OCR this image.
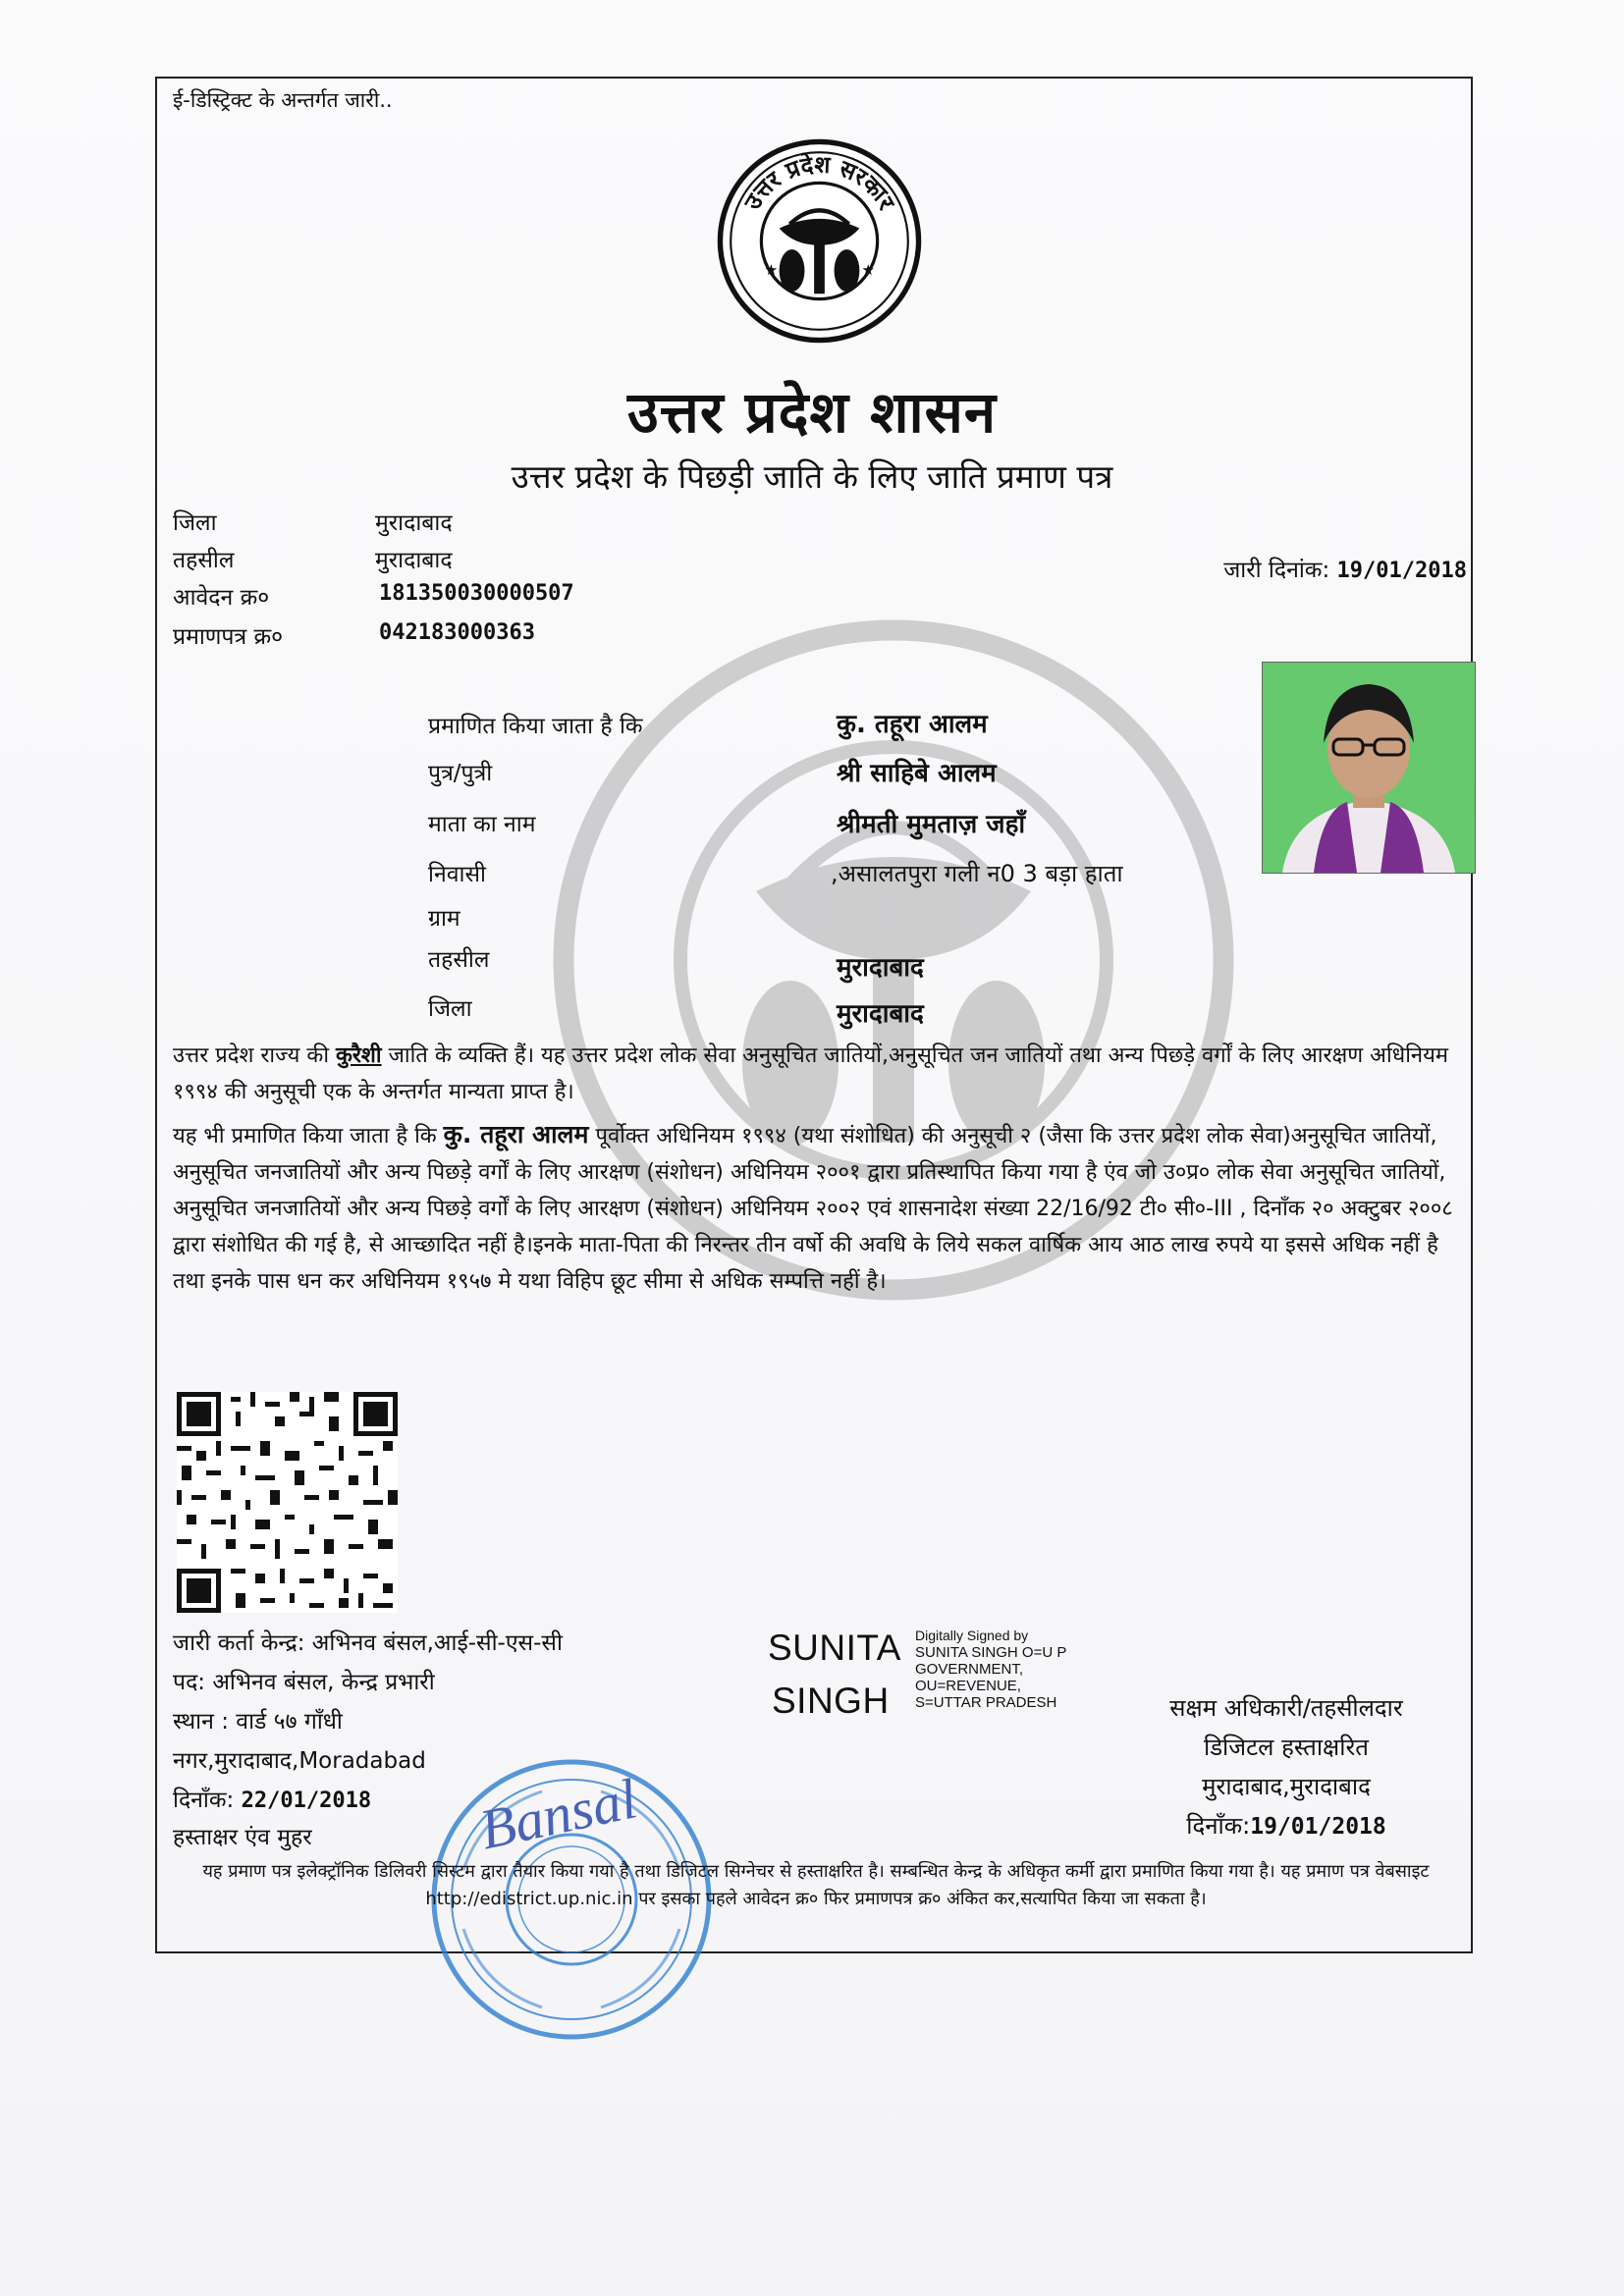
ई-डिस्ट्रिक्ट के अन्तर्गत जारी..
उत्तर प्रदेश सरकार
★	★
उत्तर प्रदेश शासन
उत्तर प्रदेश के पिछड़ी जाति के लिए जाति प्रमाण पत्र
जिला	मुरादाबाद
तहसील	मुरादाबाद
आवेदन क्र०	181350030000507
प्रमाणपत्र क्र०	042183000363
जारी दिनांक: 19/01/2018
प्रमाणित किया जाता है कि	कु. तहूरा आलम
पुत्र/पुत्री	श्री साहिबे आलम
माता का नाम	श्रीमती मुमताज़ जहाँ
निवासी	,असालतपुरा गली न0 3 बड़ा हाता
ग्राम
तहसील	मुरादाबाद
जिला	मुरादाबाद

उत्तर प्रदेश राज्य की कुरैशी जाति के व्यक्ति हैं। यह उत्तर प्रदेश लोक सेवा अनुसूचित जातियों,अनुसूचित जन जातियों तथा अन्य पिछड़े वर्गों के लिए आरक्षण अधिनियम १९९४ की अनुसूची एक के अन्तर्गत मान्यता प्राप्त है।

यह भी प्रमाणित किया जाता है कि कु. तहूरा आलम पूर्वोक्त अधिनियम १९९४ (यथा संशोधित) की अनुसूची २ (जैसा कि उत्तर प्रदेश लोक सेवा)अनुसूचित जातियों, अनुसूचित जनजातियों और अन्य पिछड़े वर्गों के लिए आरक्षण (संशोधन) अधिनियम २००१ द्वारा प्रतिस्थापित किया गया है एंव जो उ०प्र० लोक सेवा अनुसूचित जातियों, अनुसूचित जनजातियों और अन्य पिछड़े वर्गों के लिए आरक्षण (संशोधन) अधिनियम २००२ एवं शासनादेश संख्या 22/16/92 टी० सी०-III , दिनाँक २० अक्टुबर २००८ द्वारा संशोधित की गई है, से आच्छादित नहीं है।इनके माता-पिता की निरन्तर तीन वर्षो की अवधि के लिये सकल वार्षिक आय आठ लाख रुपये या इससे अधिक नहीं है तथा इनके पास धन कर अधिनियम १९५७ मे यथा विहिप छूट सीमा से अधिक सम्पत्ति नहीं है।

जारी कर्ता केन्द्र: अभिनव बंसल,आई-सी-एस-सी
पद: अभिनव बंसल, केन्द्र प्रभारी
स्थान : वार्ड ५७ गाँधी
नगर,मुरादाबाद,Moradabad
दिनाँक: 22/01/2018
हस्ताक्षर एंव मुहर
SUNITA
SINGH
Digitally Signed by
SUNITA SINGH O=U P
GOVERNMENT,
OU=REVENUE,
S=UTTAR PRADESH	सक्षम अधिकारी/तहसीलदार
डिजिटल हस्ताक्षरित
मुरादाबाद,मुरादाबाद
दिनाँक:19/01/2018
Bansal
यह प्रमाण पत्र इलेक्ट्रॉनिक डिलिवरी सिस्टम द्वारा तैयार किया गया है तथा डिजिटल सिग्नेचर से हस्ताक्षरित है। सम्बन्धित केन्द्र के अधिकृत कर्मी द्वारा प्रमाणित किया गया है। यह प्रमाण पत्र वेबसाइट http://edistrict.up.nic.in पर इसका पहले आवेदन क्र० फिर प्रमाणपत्र क्र० अंकित कर,सत्यापित किया जा सकता है।
